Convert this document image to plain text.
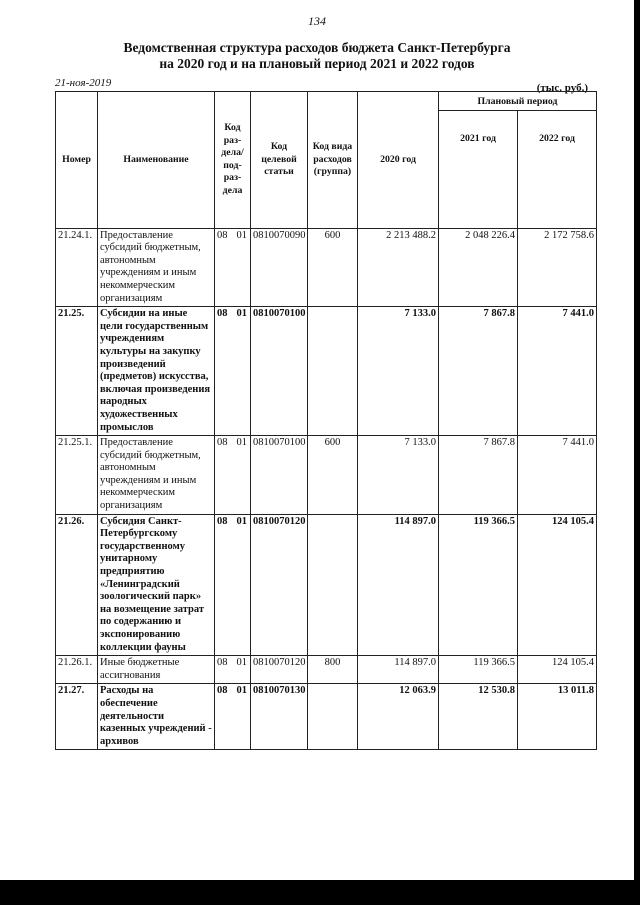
134
Ведомственная структура расходов бюджета Санкт-Петербурга
на 2020 год и на плановый период 2021 и 2022 годов
21-ноя-2019	(тыс. руб.)
Номер	Наименование	Код раз-дела/ под-раз-дела	Код целевой статьи	Код вида расходов (группа)	2020 год	Плановый период	
						2021 год	2022 год
21.24.1.	Предоставление субсидий бюджетным, автономным учреждениям и иным некоммерческим организациям	08 01	0810070090	600	2 213 488.2	2 048 226.4	2 172 758.6
21.25.	Субсидии на иные цели государственным учреждениям культуры на закупку произведений (предметов) искусства, включая произведения народных художественных промыслов	08 01	0810070100		7 133.0	7 867.8	7 441.0
21.25.1.	Предоставление субсидий бюджетным, автономным учреждениям и иным некоммерческим организациям	08 01	0810070100	600	7 133.0	7 867.8	7 441.0
21.26.	Субсидия Санкт-Петербургскому государственному унитарному предприятию «Ленинградский зоологический парк» на возмещение затрат по содержанию и экспонированию коллекции фауны	08 01	0810070120		114 897.0	119 366.5	124 105.4
21.26.1.	Иные бюджетные ассигнования	08 01	0810070120	800	114 897.0	119 366.5	124 105.4
21.27.	Расходы на обеспечение деятельности казенных учреждений - архивов	08 01	0810070130		12 063.9	12 530.8	13 011.8
